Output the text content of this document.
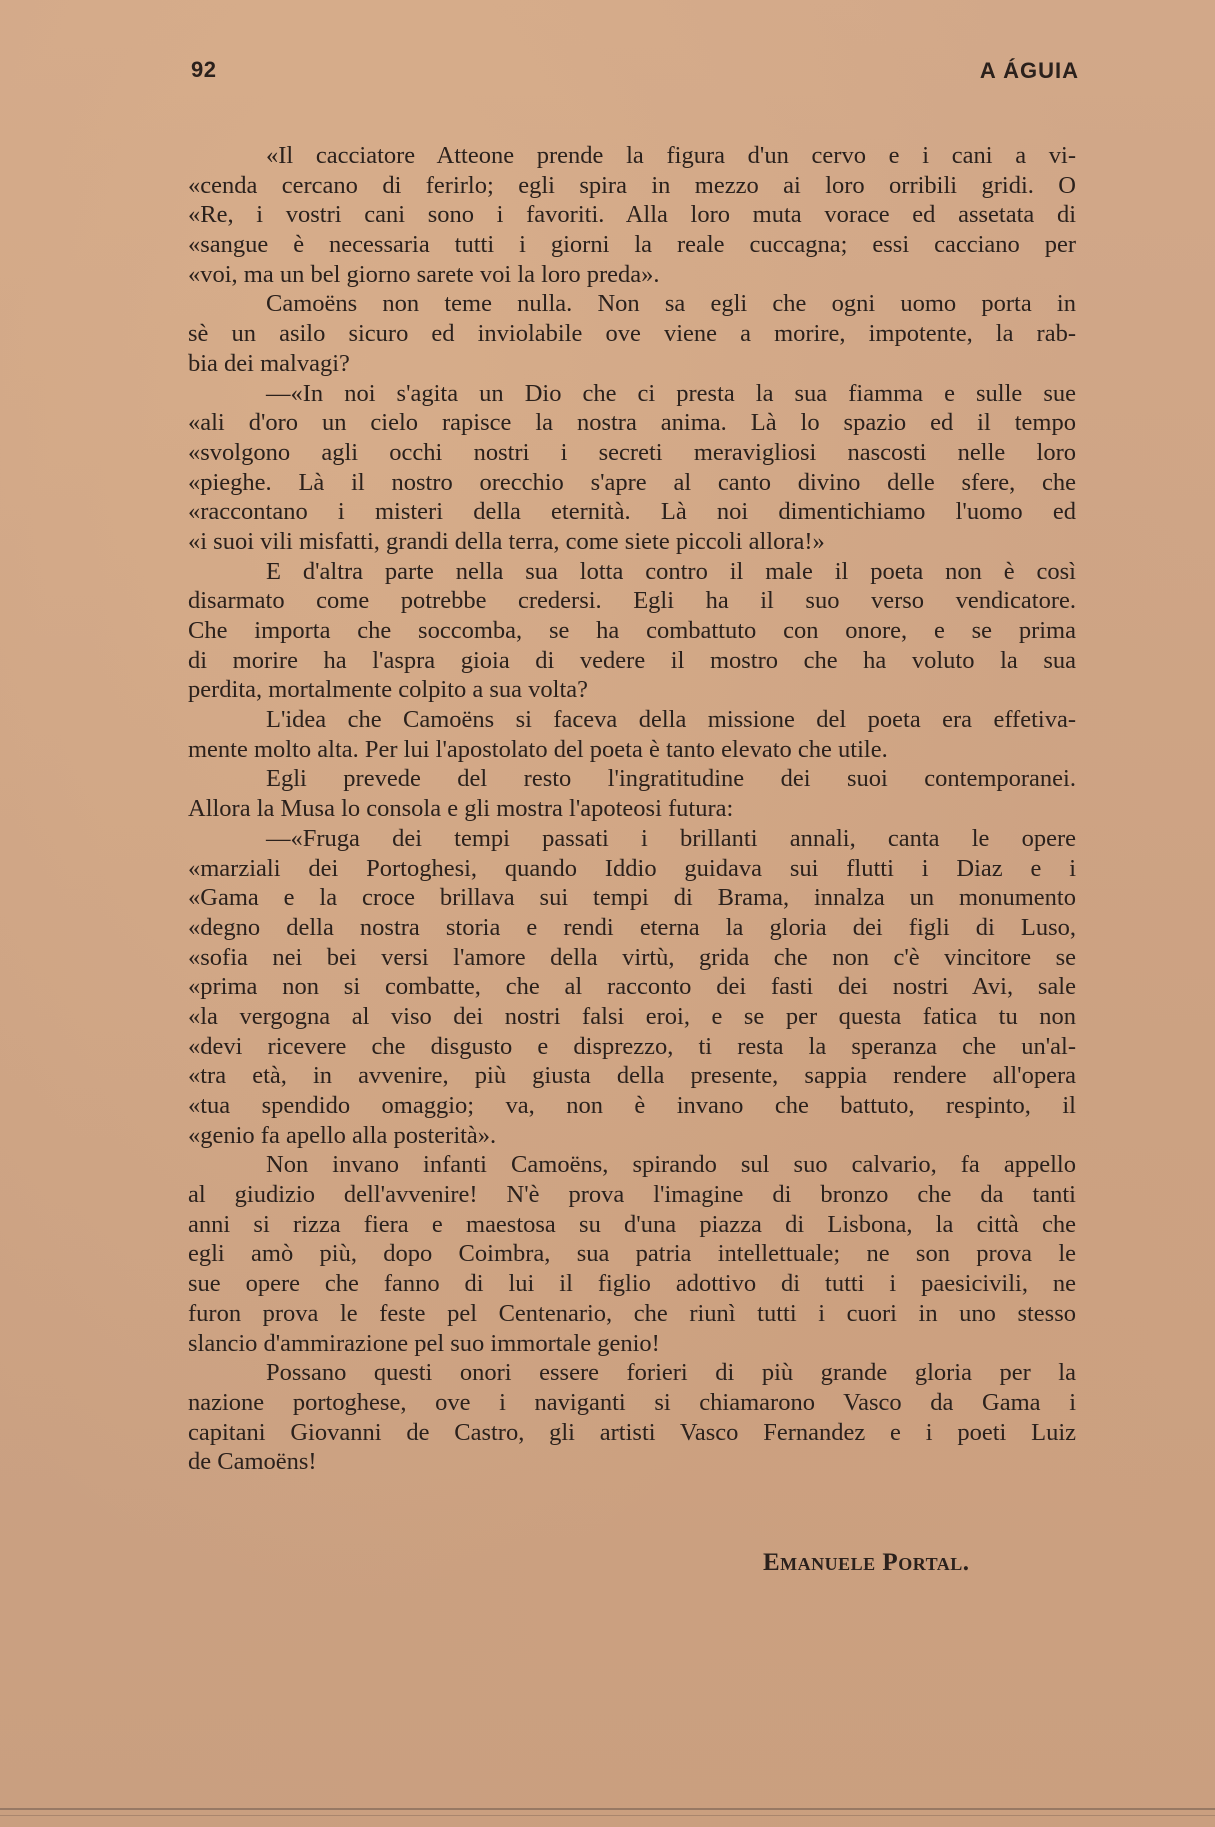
92	A ÁGUIA
«Il cacciatore Atteone prende la figura d'un cervo e i cani a vi-
«cenda cercano di ferirlo; egli spira in mezzo ai loro orribili gridi. O
«Re, i vostri cani sono i favoriti. Alla loro muta vorace ed assetata di
«sangue è necessaria tutti i giorni la reale cuccagna; essi cacciano per
«voi, ma un bel giorno sarete voi la loro preda».
Camoëns non teme nulla. Non sa egli che ogni uomo porta in
sè un asilo sicuro ed inviolabile ove viene a morire, impotente, la rab-
bia dei malvagi?
—«In noi s'agita un Dio che ci presta la sua fiamma e sulle sue
«ali d'oro un cielo rapisce la nostra anima. Là lo spazio ed il tempo
«svolgono agli occhi nostri i secreti meravigliosi nascosti nelle loro
«pieghe. Là il nostro orecchio s'apre al canto divino delle sfere, che
«raccontano i misteri della eternità. Là noi dimentichiamo l'uomo ed
«i suoi vili misfatti, grandi della terra, come siete piccoli allora!»
E d'altra parte nella sua lotta contro il male il poeta non è così
disarmato come potrebbe credersi. Egli ha il suo verso vendicatore.
Che importa che soccomba, se ha combattuto con onore, e se prima
di morire ha l'aspra gioia di vedere il mostro che ha voluto la sua
perdita, mortalmente colpito a sua volta?
L'idea che Camoëns si faceva della missione del poeta era effetiva-
mente molto alta. Per lui l'apostolato del poeta è tanto elevato che utile.
Egli prevede del resto l'ingratitudine dei suoi contemporanei.
Allora la Musa lo consola e gli mostra l'apoteosi futura:
—«Fruga dei tempi passati i brillanti annali, canta le opere
«marziali dei Portoghesi, quando Iddio guidava sui flutti i Diaz e i
«Gama e la croce brillava sui tempi di Brama, innalza un monumento
«degno della nostra storia e rendi eterna la gloria dei figli di Luso,
«sofia nei bei versi l'amore della virtù, grida che non c'è vincitore se
«prima non si combatte, che al racconto dei fasti dei nostri Avi, sale
«la vergogna al viso dei nostri falsi eroi, e se per questa fatica tu non
«devi ricevere che disgusto e disprezzo, ti resta la speranza che un'al-
«tra età, in avvenire, più giusta della presente, sappia rendere all'opera
«tua spendido omaggio; va, non è invano che battuto, respinto, il
«genio fa apello alla posterità».
Non invano infanti Camoëns, spirando sul suo calvario, fa appello
al giudizio dell'avvenire! N'è prova l'imagine di bronzo che da tanti
anni si rizza fiera e maestosa su d'una piazza di Lisbona, la città che
egli amò più, dopo Coimbra, sua patria intellettuale; ne son prova le
sue opere che fanno di lui il figlio adottivo di tutti i paesicivili, ne
furon prova le feste pel Centenario, che riunì tutti i cuori in uno stesso
slancio d'ammirazione pel suo immortale genio!
Possano questi onori essere forieri di più grande gloria per la
nazione portoghese, ove i naviganti si chiamarono Vasco da Gama i
capitani Giovanni de Castro, gli artisti Vasco Fernandez e i poeti Luiz
de Camoëns!
Emanuele Portal.
